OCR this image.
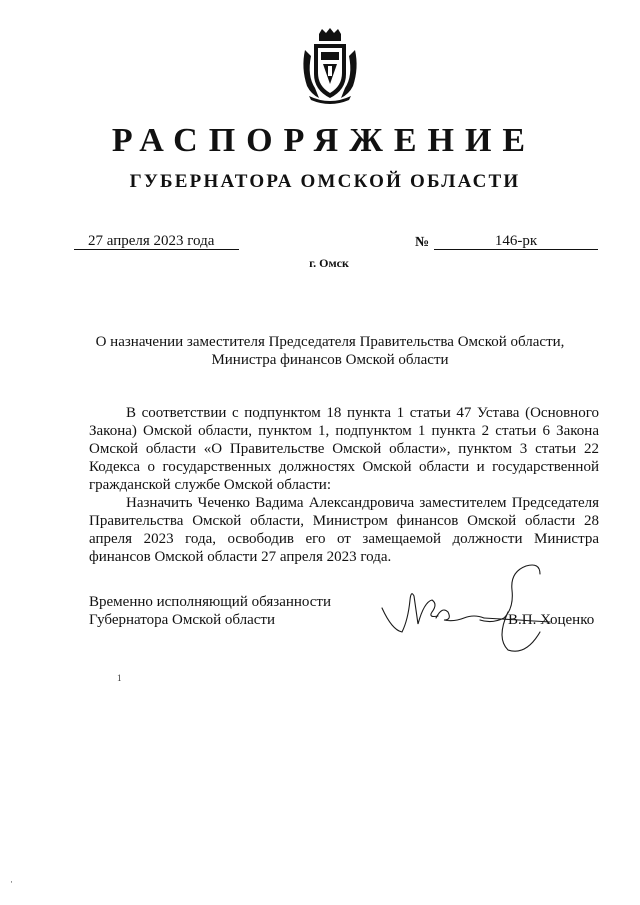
РАСПОРЯЖЕНИЕ
ГУБЕРНАТОРА ОМСКОЙ ОБЛАСТИ
27 апреля 2023 года	№	146-рк
г. Омск
О назначении заместителя Председателя Правительства Омской области,
Министра финансов Омской области

В соответствии с подпунктом 18 пункта 1 статьи 47 Устава (Основного Закона) Омской области, пунктом 1, подпунктом 1 пункта 2 статьи 6 Закона Омской области «О Правительстве Омской области», пунктом 3 статьи 22 Кодекса о государственных должностях Омской области и государственной гражданской службе Омской области:

Назначить Чеченко Вадима Александровича заместителем Председателя Правительства Омской области, Министром финансов Омской области 28 апреля 2023 года, освободив его от замещаемой должности Министра финансов Омской области 27 апреля 2023 года.

Временно исполняющий обязанности
Губернатора Омской области	В.П. Хоценко
1
·
